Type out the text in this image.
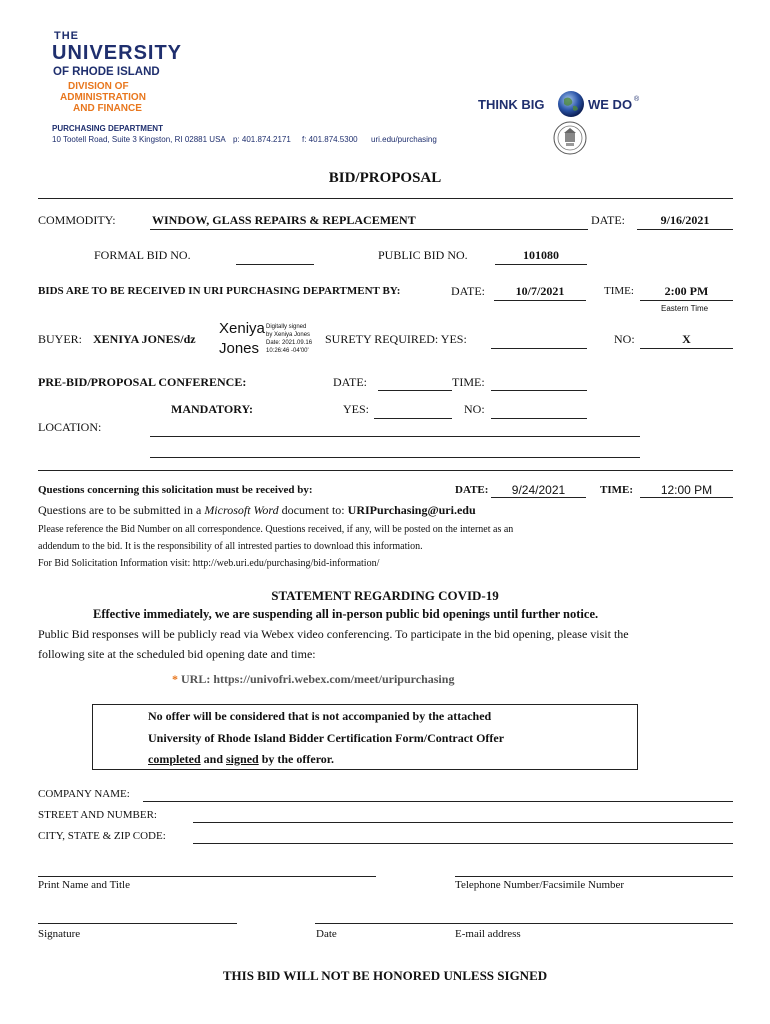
THE
UNIVERSITY
OF RHODE ISLAND
DIVISION OF
ADMINISTRATION
AND FINANCE
PURCHASING DEPARTMENT
10 Tootell Road, Suite 3 Kingston, RI 02881 USA p: 401.874.2171 f: 401.874.5300 uri.edu/purchasing
THINK BIG	WE DO ®
BID/PROPOSAL
COMMODITY:	WINDOW, GLASS REPAIRS & REPLACEMENT	DATE:	9/16/2021
FORMAL BID NO.	PUBLIC BID NO.	101080
BIDS ARE TO BE RECEIVED IN URI PURCHASING DEPARTMENT BY:	DATE:	10/7/2021	TIME:	2:00 PM
Eastern Time
BUYER: XENIYA JONES/dz
Xeniya
Jones
Digitally signed
by Xeniya Jones
Date: 2021.09.16
10:26:46 -04'00'
SURETY REQUIRED: YES:	NO:	X
PRE-BID/PROPOSAL CONFERENCE:	DATE:	TIME:
MANDATORY:	YES:	NO:
LOCATION:
Questions concerning this solicitation must be received by:	DATE:	9/24/2021	TIME:	12:00 PM
Questions are to be submitted in a Microsoft Word document to: URIPurchasing@uri.edu
Please reference the Bid Number on all correspondence. Questions received, if any, will be posted on the internet as an
addendum to the bid. It is the responsibility of all intrested parties to download this information.
For Bid Solicitation Information visit: http://web.uri.edu/purchasing/bid-information/
STATEMENT REGARDING COVID-19
Effective immediately, we are suspending all in-person public bid openings until further notice.
Public Bid responses will be publicly read via Webex video conferencing. To participate in the bid opening, please visit the
following site at the scheduled bid opening date and time:
* URL: https://univofri.webex.com/meet/uripurchasing
No offer will be considered that is not accompanied by the attached
University of Rhode Island Bidder Certification Form/Contract Offer
completed and signed by the offeror.
COMPANY NAME:
STREET AND NUMBER:
CITY, STATE & ZIP CODE:
Print Name and Title	Telephone Number/Facsimile Number
Signature	Date	E-mail address
THIS BID WILL NOT BE HONORED UNLESS SIGNED
